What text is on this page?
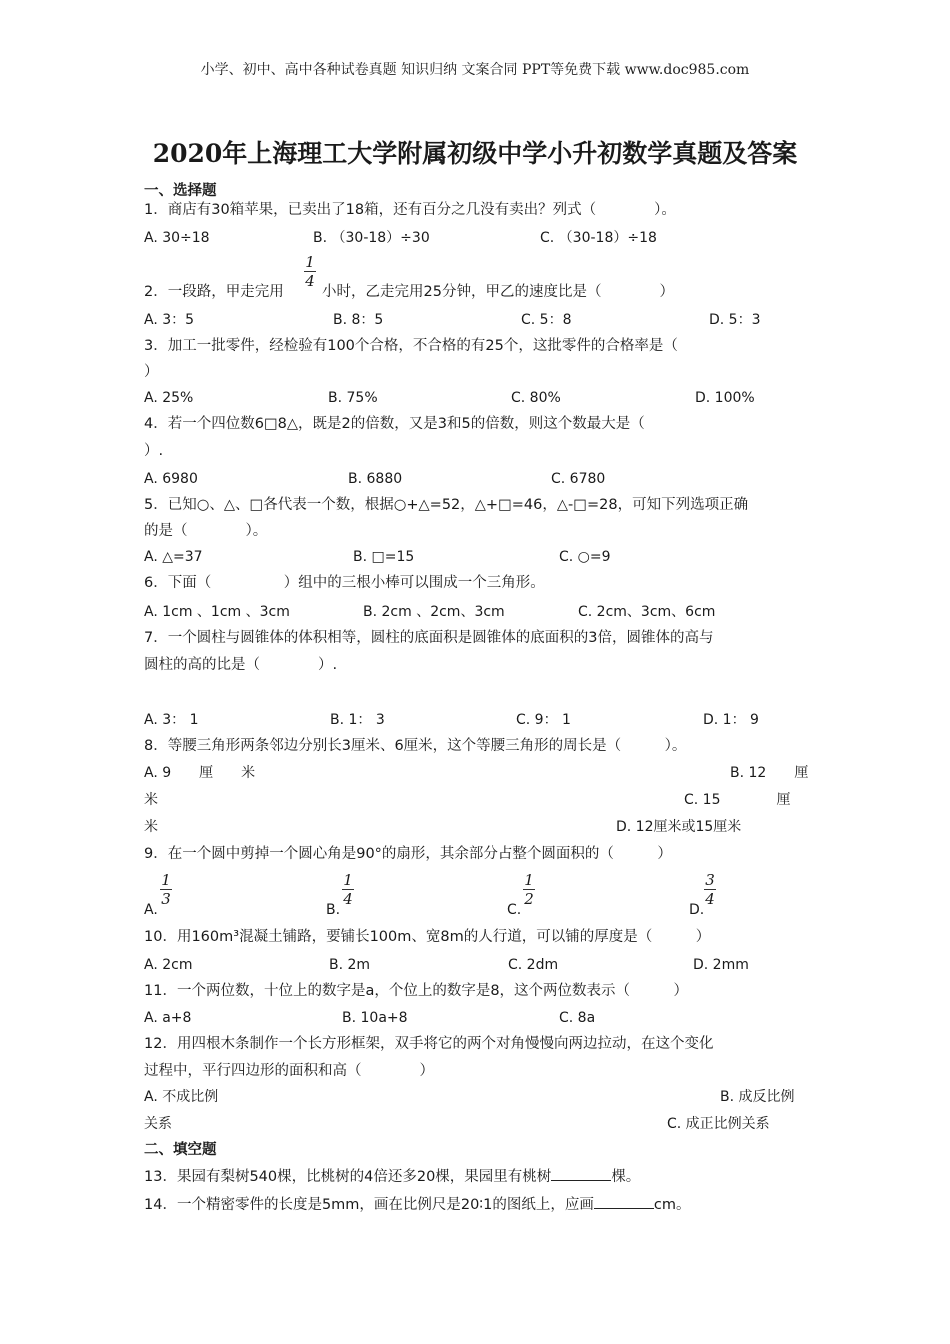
小学、初中、高中各种试卷真题 知识归纳 文案合同 PPT等免费下载 www.doc985.com
2020年上海理工大学附属初级中学小升初数学真题及答案
一、选择题
1．商店有30箱苹果，已卖出了18箱，还有百分之几没有卖出？列式（　　　　）。
A. 30÷18	B. （30-18）÷30	C. （30-18）÷18
1
4
2．一段路，甲走完用	小时，乙走完用25分钟，甲乙的速度比是（　　　　）
A. 3：5	B. 8：5	C. 5：8	D. 5：3
3．加工一批零件，经检验有100个合格，不合格的有25个，这批零件的合格率是（
）
A. 25%	B. 75%	C. 80%	D. 100%
4．若一个四位数6□8△，既是2的倍数，又是3和5的倍数，则这个数最大是（
）.
A. 6980	B. 6880	C. 6780
5．已知○、△、□各代表一个数，根据○+△=52，△+□=46，△-□=28，可知下列选项正确
的是（　　　　）。
A. △=37	B. □=15	C. ○=9
6．下面（　　　　　）组中的三根小棒可以围成一个三角形。
A. 1cm 、1cm 、3cm	B. 2cm 、2cm、3cm	C. 2cm、3cm、6cm
7．一个圆柱与圆锥体的体积相等，圆柱的底面积是圆锥体的底面积的3倍，圆锥体的高与
圆柱的高的比是（　　　　）.
A. 3： 1	B. 1： 3	C. 9： 1	D. 1： 9
8．等腰三角形两条邻边分别长3厘米、6厘米，这个等腰三角形的周长是（　　　）。
A. 9　　厘　　米	B. 12　　厘
米	C. 15　　　　厘
米	D. 12厘米或15厘米
9．在一个圆中剪掉一个圆心角是90°的扇形，其余部分占整个圆面积的（　　　）
A.
1
3
B.
1
4
C.
1
2
D.
3
4
10．用160m³混凝土铺路，要铺长100m、宽8m的人行道，可以铺的厚度是（　　　）
A. 2cm	B. 2m	C. 2dm	D. 2mm
11．一个两位数，十位上的数字是a，个位上的数字是8，这个两位数表示（　　　）
A. a+8	B. 10a+8	C. 8a
12．用四根木条制作一个长方形框架，双手将它的两个对角慢慢向两边拉动，在这个变化
过程中，平行四边形的面积和高（　　　　）
A. 不成比例	B. 成反比例
关系	C. 成正比例关系
二、填空题
13．果园有梨树540棵，比桃树的4倍还多20棵，果园里有桃树	棵。
14．一个精密零件的长度是5mm，画在比例尺是20∶1的图纸上，应画	cm。
